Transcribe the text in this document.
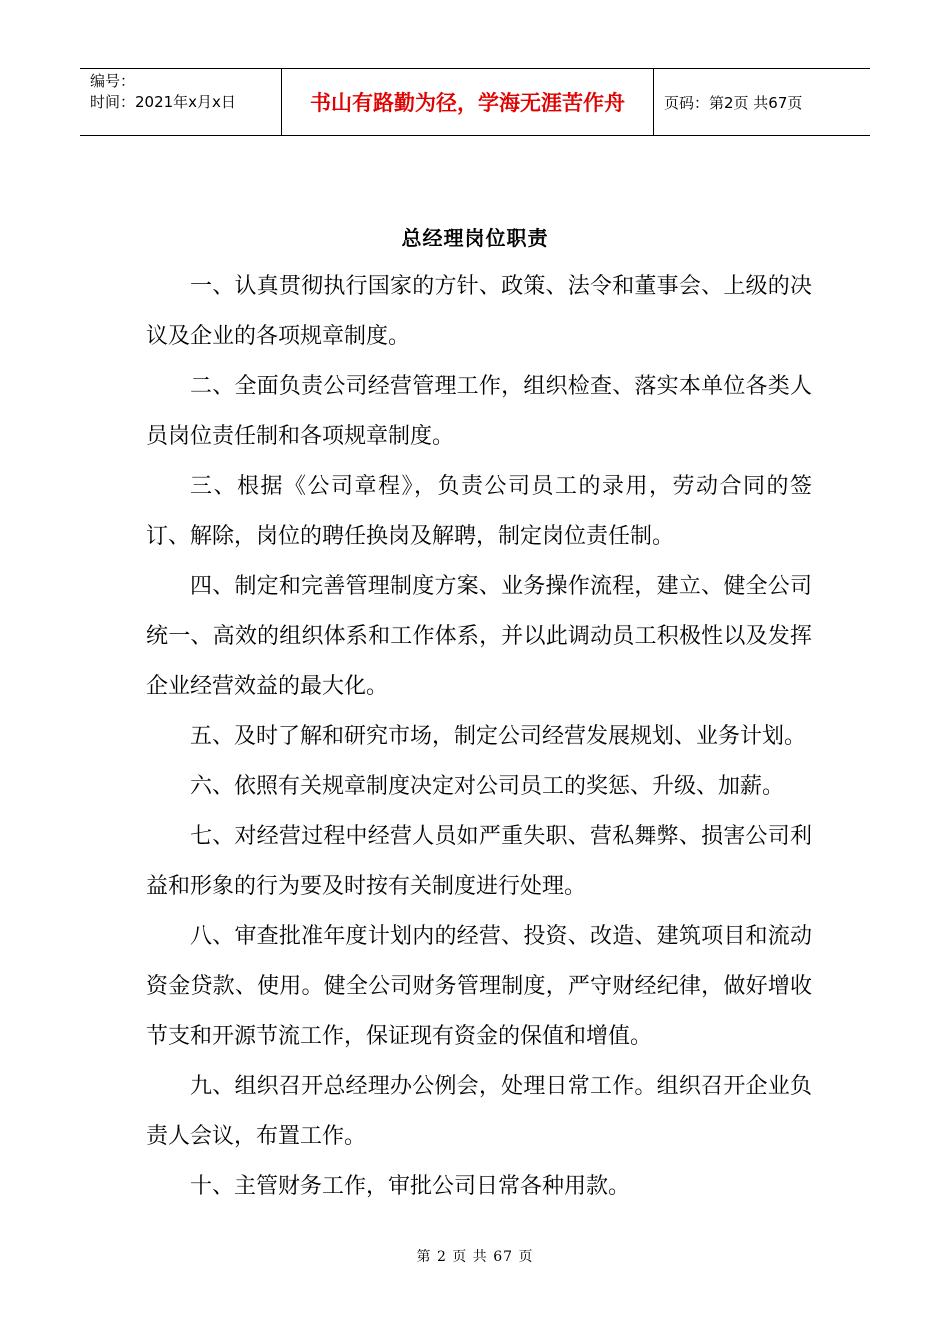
编号：
时间：2021年x月x日	书山有路勤为径，学海无涯苦作舟	页码：第2页 共67页
总经理岗位职责

一、认真贯彻执行国家的方针、政策、法令和董事会、上级的决议及企业的各项规章制度。

二、全面负责公司经营管理工作，组织检查、落实本单位各类人员岗位责任制和各项规章制度。

三、根据《公司章程》，负责公司员工的录用，劳动合同的签订、解除，岗位的聘任换岗及解聘，制定岗位责任制。

四、制定和完善管理制度方案、业务操作流程，建立、健全公司统一、高效的组织体系和工作体系，并以此调动员工积极性以及发挥企业经营效益的最大化。

五、及时了解和研究市场，制定公司经营发展规划、业务计划。

六、依照有关规章制度决定对公司员工的奖惩、升级、加薪。

七、对经营过程中经营人员如严重失职、营私舞弊、损害公司利益和形象的行为要及时按有关制度进行处理。

八、审查批准年度计划内的经营、投资、改造、建筑项目和流动资金贷款、使用。健全公司财务管理制度，严守财经纪律，做好增收节支和开源节流工作，保证现有资金的保值和增值。

九、组织召开总经理办公例会，处理日常工作。组织召开企业负责人会议，布置工作。

十、主管财务工作，审批公司日常各种用款。

第 2 页 共 67 页
